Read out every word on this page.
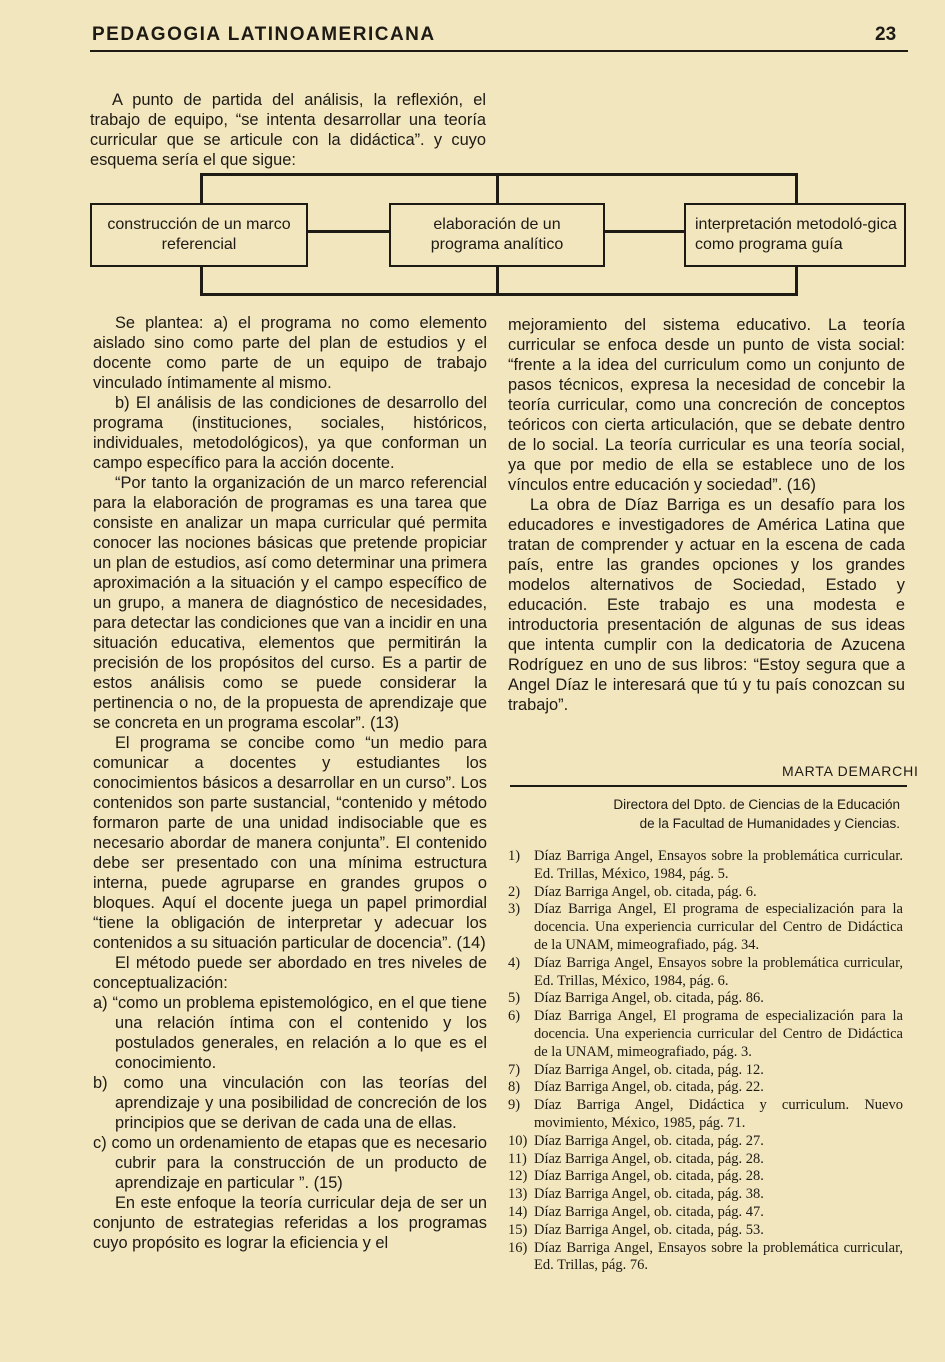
PEDAGOGIA LATINOAMERICANA	23

A punto de partida del análisis, la reflexión, el trabajo de equipo, “se intenta desarrollar una teoría curricular que se articule con la didáctica”. y cuyo esquema sería el que sigue:

construcción de un marco referencial
elaboración de un programa analítico
interpretación metodoló-gica como programa guía

Se plantea: a) el programa no como elemento aislado sino como parte del plan de estudios y el docente como parte de un equipo de trabajo vinculado íntimamente al mismo.

b) El análisis de las condiciones de desarrollo del programa (instituciones, sociales, históricos, individuales, metodológicos), ya que conforman un campo específico para la acción docente.

“Por tanto la organización de un marco referencial para la elaboración de programas es una tarea que consiste en analizar un mapa curricular qué permita conocer las nociones básicas que pretende propiciar un plan de estudios, así como determinar una primera aproximación a la situación y el campo específico de un grupo, a manera de diagnóstico de necesidades, para detectar las condiciones que van a incidir en una situación educativa, elementos que permitirán la precisión de los propósitos del curso. Es a partir de estos análisis como se puede considerar la pertinencia o no, de la propuesta de aprendizaje que se concreta en un programa escolar”. (13)

El programa se concibe como “un medio para comunicar a docentes y estudiantes los conocimientos básicos a desarrollar en un curso”. Los contenidos son parte sustancial, “contenido y método formaron parte de una unidad indisociable que es necesario abordar de manera conjunta”. El contenido debe ser presentado con una mínima estructura interna, puede agruparse en grandes grupos o bloques. Aquí el docente juega un papel primordial “tiene la obligación de interpretar y adecuar los contenidos a su situación particular de docencia”. (14)

El método puede ser abordado en tres niveles de conceptualización:

a) “como un problema epistemológico, en el que tiene una relación íntima con el contenido y los postulados generales, en relación a lo que es el conocimiento.

b) como una vinculación con las teorías del aprendizaje y una posibilidad de concreción de los principios que se derivan de cada una de ellas.

c) como un ordenamiento de etapas que es necesario cubrir para la construcción de un producto de aprendizaje en particular ”. (15)

En este enfoque la teoría curricular deja de ser un conjunto de estrategias referidas a los programas cuyo propósito es lograr la eficiencia y el

mejoramiento del sistema educativo. La teoría curricular se enfoca desde un punto de vista social: “frente a la idea del curriculum como un conjunto de pasos técnicos, expresa la necesidad de concebir la teoría curricular, como una concreción de conceptos teóricos con cierta articulación, que se debate dentro de lo social. La teoría curricular es una teoría social, ya que por medio de ella se establece uno de los vínculos entre educación y sociedad”. (16)

La obra de Díaz Barriga es un desafío para los educadores e investigadores de América Latina que tratan de comprender y actuar en la escena de cada país, entre las grandes opciones y los grandes modelos alternativos de Sociedad, Estado y educación. Este trabajo es una modesta e introductoria presentación de algunas de sus ideas que intenta cumplir con la dedicatoria de Azucena Rodríguez en uno de sus libros: “Estoy segura que a Angel Díaz le interesará que tú y tu país conozcan su trabajo”.

MARTA DEMARCHI
Directora del Dpto. de Ciencias de la Educación
de la Facultad de Humanidades y Ciencias.
1) Díaz Barriga Angel, Ensayos sobre la problemática curricular. Ed. Trillas, México, 1984, pág. 5.
2) Díaz Barriga Angel, ob. citada, pág. 6.
3) Díaz Barriga Angel, El programa de especialización para la docencia. Una experiencia curricular del Centro de Didáctica de la UNAM, mimeografiado, pág. 34.
4) Díaz Barriga Angel, Ensayos sobre la problemática curricular, Ed. Trillas, México, 1984, pág. 6.
5) Díaz Barriga Angel, ob. citada, pág. 86.
6) Díaz Barriga Angel, El programa de especialización para la docencia. Una experiencia curricular del Centro de Didáctica de la UNAM, mimeografiado, pág. 3.
7) Díaz Barriga Angel, ob. citada, pág. 12.
8) Díaz Barriga Angel, ob. citada, pág. 22.
9) Díaz Barriga Angel, Didáctica y curriculum. Nuevo movimiento, México, 1985, pág. 71.
10) Díaz Barriga Angel, ob. citada, pág. 27.
11) Díaz Barriga Angel, ob. citada, pág. 28.
12) Díaz Barriga Angel, ob. citada, pág. 28.
13) Díaz Barriga Angel, ob. citada, pág. 38.
14) Díaz Barriga Angel, ob. citada, pág. 47.
15) Díaz Barriga Angel, ob. citada, pág. 53.
16) Díaz Barriga Angel, Ensayos sobre la problemática curricular, Ed. Trillas, pág. 76.
